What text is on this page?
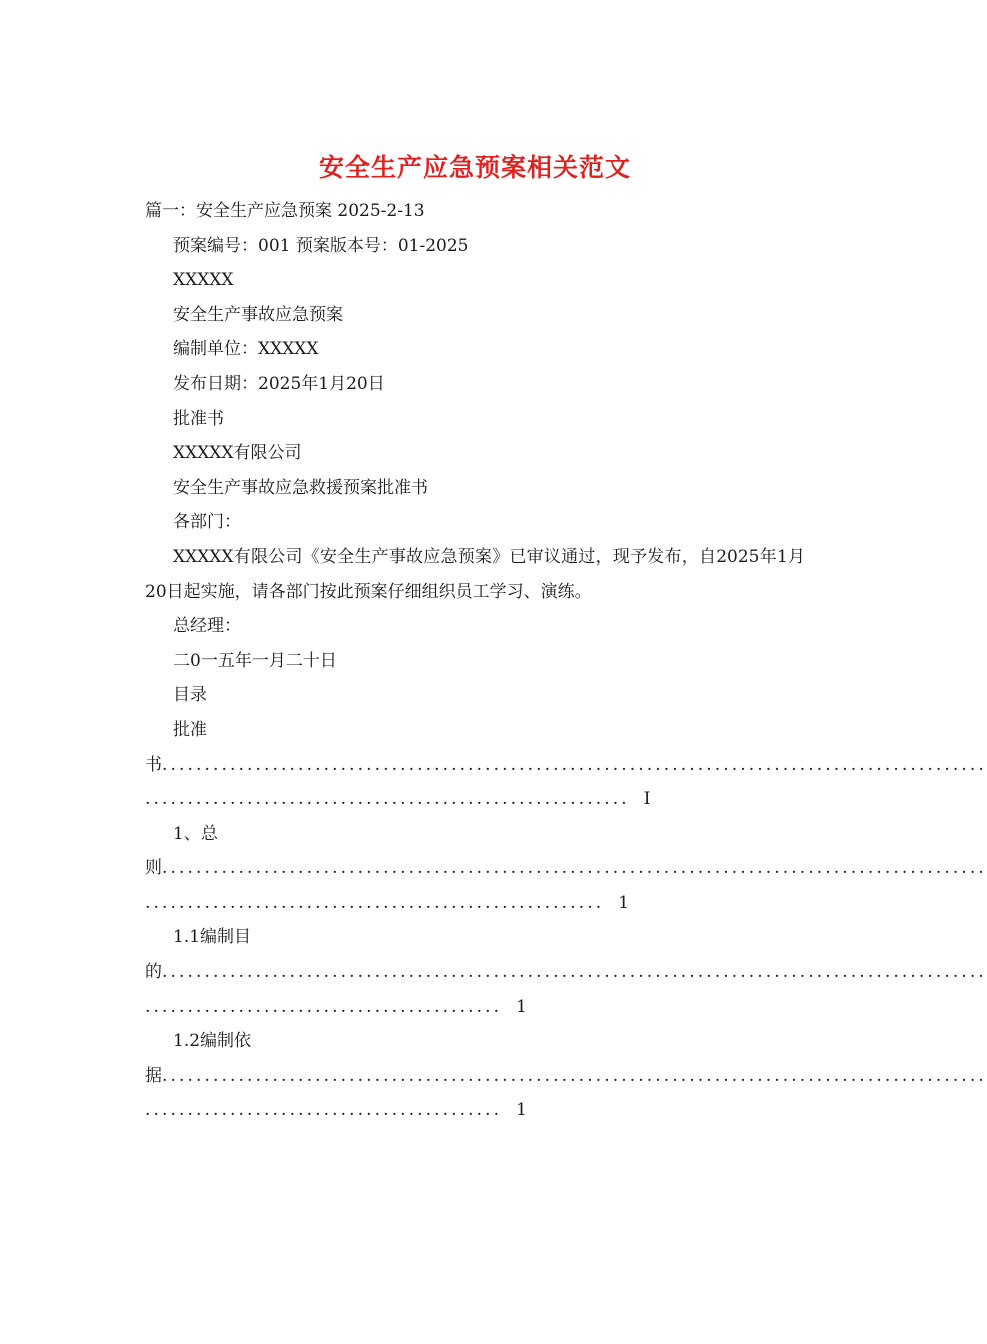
安全生产应急预案相关范文
篇一：安全生产应急预案 2025-2-13
预案编号：001 预案版本号：01-2025
XXXXX
安全生产事故应急预案
编制单位：XXXXX
发布日期：2025年1月20日
批准书
XXXXX有限公司
安全生产事故应急救援预案批准书
各部门：
XXXXX有限公司《安全生产事故应急预案》已审议通过，现予发布，自2025年1月20日起实施，请各部门按此预案仔细组织员工学习、演练。
总经理：
二0一五年一月二十日
目录
批准
书.................................................................................................
......................................................... I
1、总
则.................................................................................................
...................................................... 1
1.1编制目
的.................................................................................................
.......................................... 1
1.2编制依
据.................................................................................................
.......................................... 1
